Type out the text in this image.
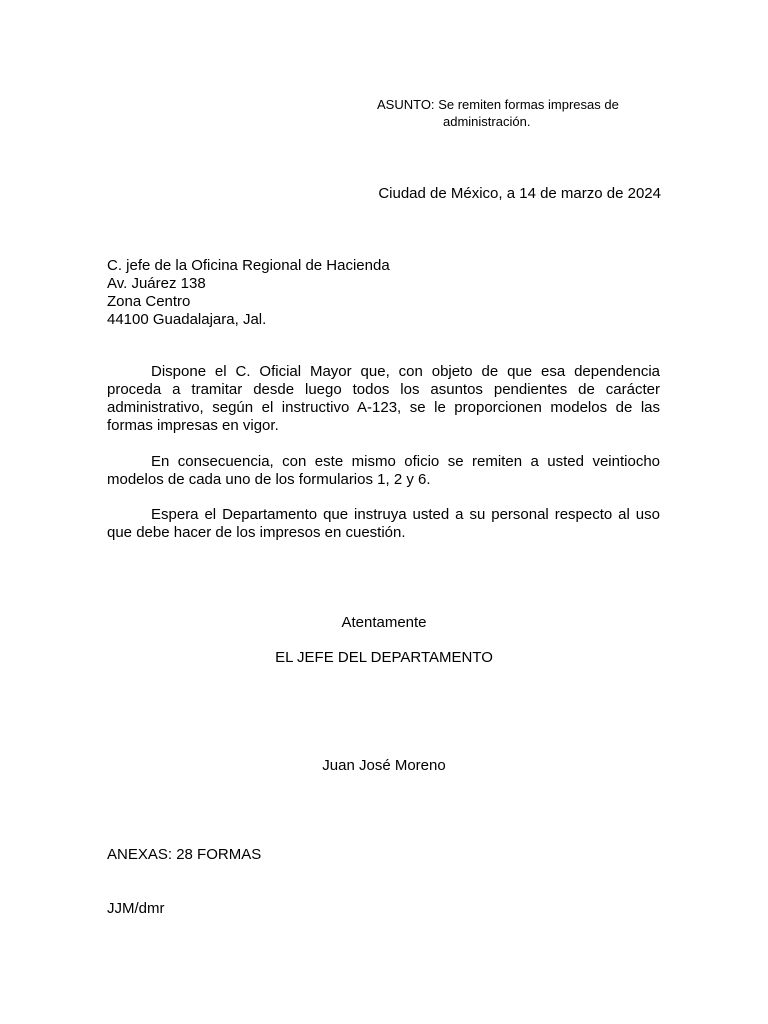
ASUNTO: Se remiten formas impresas de
administración.
Ciudad de México, a 14 de marzo de 2024
C. jefe de la Oficina Regional de Hacienda
Av. Juárez 138
Zona Centro
44100 Guadalajara, Jal.

Dispone el C. Oficial Mayor que, con objeto de que esa dependencia proceda a tramitar desde luego todos los asuntos pendientes de carácter administrativo, según el instructivo A-123, se le proporcionen modelos de las formas impresas en vigor.

En consecuencia, con este mismo oficio se remiten a usted veintiocho modelos de cada uno de los formularios 1, 2 y 6.

Espera el Departamento que instruya usted a su personal respecto al uso que debe hacer de los impresos en cuestión.

Atentamente
EL JEFE DEL DEPARTAMENTO
Juan José Moreno
ANEXAS: 28 FORMAS
JJM/dmr
